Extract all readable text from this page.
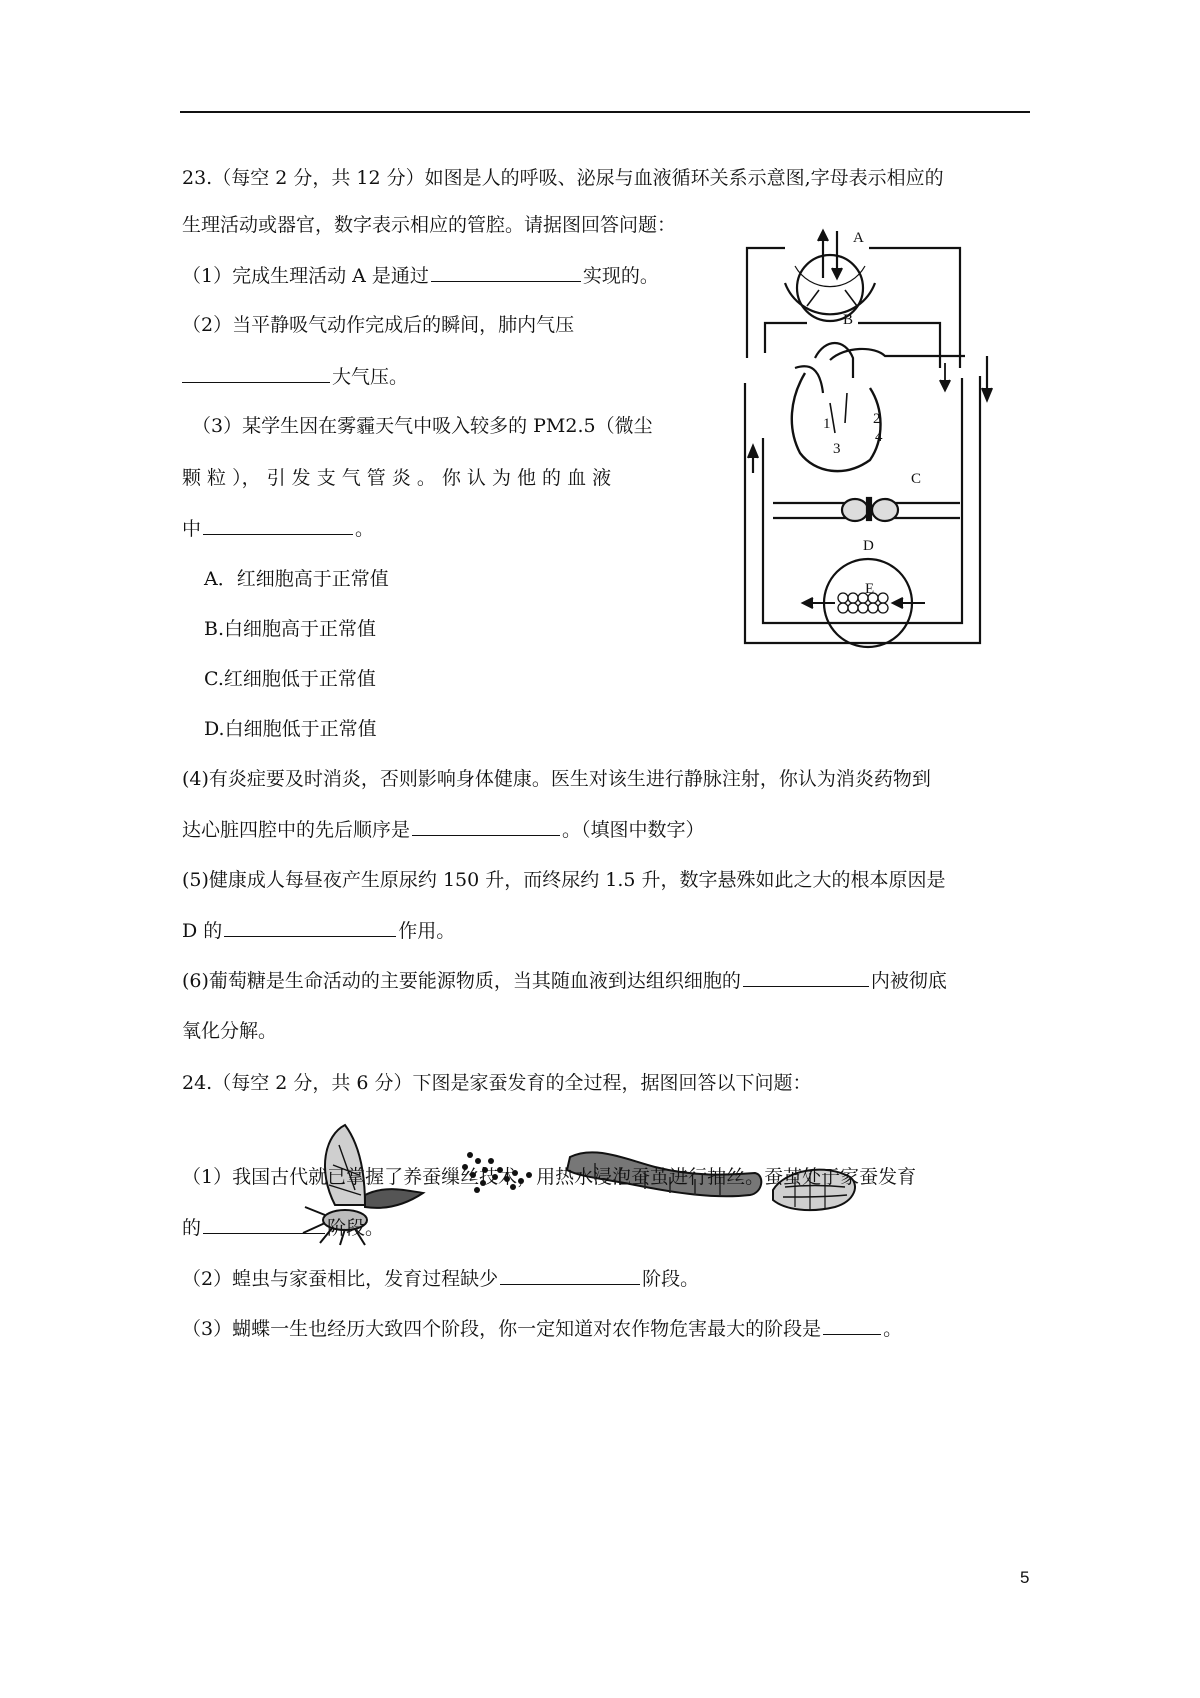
23.（每空 2 分，共 12 分）如图是人的呼吸、泌尿与血液循环关系示意图,字母表示相应的
生理活动或器官，数字表示相应的管腔。请据图回答问题：
（1）完成生理活动 A 是通过	实现的。
（2）当平静吸气动作完成后的瞬间，肺内气压
大气压。
（3）某学生因在雾霾天气中吸入较多的 PM2.5（微尘
颗 粒 ）， 引 发 支 气 管 炎 。 你 认 为 他 的 血 液
中	。
A．红细胞高于正常值
B.白细胞高于正常值
C.红细胞低于正常值
D.白细胞低于正常值
(4)有炎症要及时消炎，否则影响身体健康。医生对该生进行静脉注射，你认为消炎药物到
达心脏四腔中的先后顺序是	。（填图中数字）
(5)健康成人每昼夜产生原尿约 150 升，而终尿约 1.5 升，数字悬殊如此之大的根本原因是
D 的	作用。
(6)葡萄糖是生命活动的主要能源物质，当其随血液到达组织细胞的	内被彻底
氧化分解。
A
B
C
D
E
1	2
3
4
24.（每空 2 分，共 6 分）下图是家蚕发育的全过程，据图回答以下问题：
（1）我国古代就已掌握了养蚕缫丝技术，用热水浸泡蚕茧进行抽丝。蚕茧处于家蚕发育
的	阶段。
（2）蝗虫与家蚕相比，发育过程缺少	阶段。
（3）蝴蝶一生也经历大致四个阶段，你一定知道对农作物危害最大的阶段是	。
5
